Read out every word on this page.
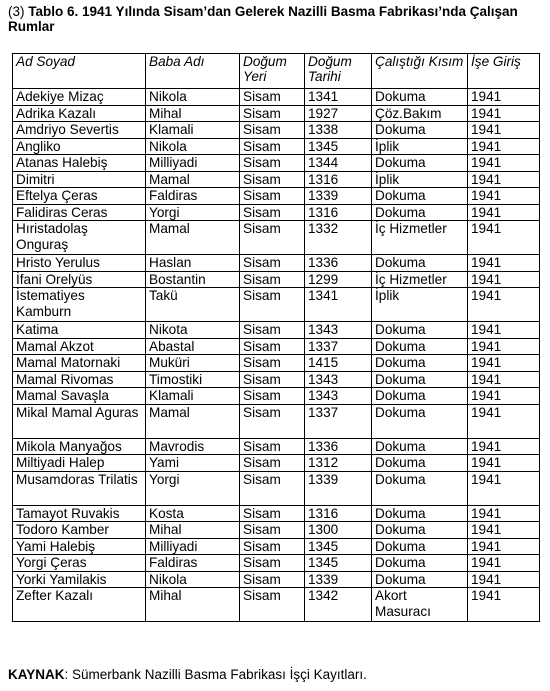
(3) Tablo 6. 1941 Yılında Sisam’dan Gelerek Nazilli Basma Fabrikası’nda Çalışan Rumlar
Ad Soyad	Baba Adı	Doğum Yeri	Doğum Tarihi	Çalıştığı Kısım	İşe Giriş
Adekiye Mizaç	Nikola	Sisam	1341	Dokuma	1941
Adrika Kazalı	Mihal	Sisam	1927	Çöz.Bakım	1941
Amdriyo Severtis	Klamali	Sisam	1338	Dokuma	1941
Angliko	Nikola	Sisam	1345	İplik	1941
Atanas Halebiş	Milliyadi	Sisam	1344	Dokuma	1941
Dimitri	Mamal	Sisam	1316	İplik	1941
Eftelya Çeras	Faldiras	Sisam	1339	Dokuma	1941
Falidiras Ceras	Yorgi	Sisam	1316	Dokuma	1941
Hıristadolaş Onguraş	Mamal	Sisam	1332	İç Hizmetler	1941
Hristo Yerulus	Haslan	Sisam	1336	Dokuma	1941
İfani Orelyüs	Bostantin	Sisam	1299	İç Hizmetler	1941
İstematiyes Kamburn	Takü	Sisam	1341	İplik	1941
Katima	Nikota	Sisam	1343	Dokuma	1941
Mamal Akzot	Abastal	Sisam	1337	Dokuma	1941
Mamal Matornaki	Muküri	Sisam	1415	Dokuma	1941
Mamal Rivomas	Timostiki	Sisam	1343	Dokuma	1941
Mamal Savaşla	Klamali	Sisam	1343	Dokuma	1941
Mikal Mamal Aguras	Mamal	Sisam	1337	Dokuma	1941
Mikola Manyağos	Mavrodis	Sisam	1336	Dokuma	1941
Miltiyadi Halep	Yami	Sisam	1312	Dokuma	1941
Musamdoras Trilatis	Yorgi	Sisam	1339	Dokuma	1941
Tamayot Ruvakis	Kosta	Sisam	1316	Dokuma	1941
Todoro Kamber	Mihal	Sisam	1300	Dokuma	1941
Yami Halebiş	Milliyadi	Sisam	1345	Dokuma	1941
Yorgi Çeras	Faldiras	Sisam	1345	Dokuma	1941
Yorki Yamilakis	Nikola	Sisam	1339	Dokuma	1941
Zefter Kazalı	Mihal	Sisam	1342	Akort Masuracı	1941
KAYNAK: Sümerbank Nazilli Basma Fabrikası İşçi Kayıtları.
